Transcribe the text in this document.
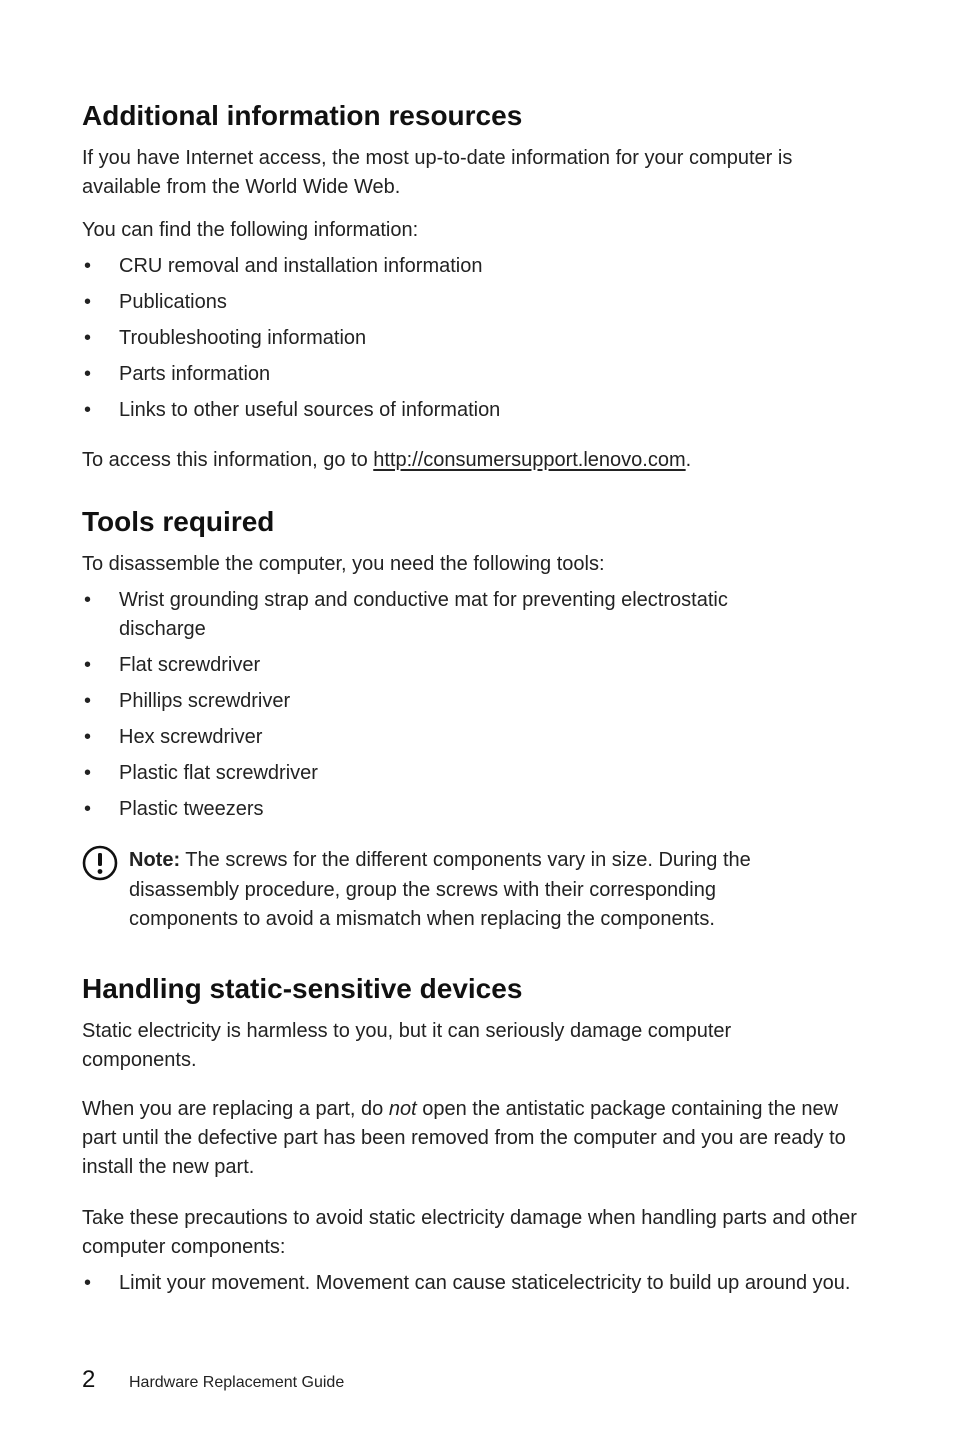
Additional information resources

If you have Internet access, the most up-to-date information for your computer is available from the World Wide Web.

You can find the following information:

• CRU removal and installation information
• Publications
• Troubleshooting information
• Parts information
• Links to other useful sources of information

To access this information, go to http://consumersupport.lenovo.com.

Tools required

To disassemble the computer, you need the following tools:

• Wrist grounding strap and conductive mat for preventing electrostatic discharge
• Flat screwdriver
• Phillips screwdriver
• Hex screwdriver
• Plastic flat screwdriver
• Plastic tweezers

Note: The screws for the different components vary in size. During the disassembly procedure, group the screws with their corresponding components to avoid a mismatch when replacing the components.

Handling static-sensitive devices

Static electricity is harmless to you, but it can seriously damage computer components.

When you are replacing a part, do not open the antistatic package containing the new part until the defective part has been removed from the computer and you are ready to install the new part.

Take these precautions to avoid static electricity damage when handling parts and other computer components:

• Limit your movement. Movement can cause staticelectricity to build up around you.
2	Hardware Replacement Guide
